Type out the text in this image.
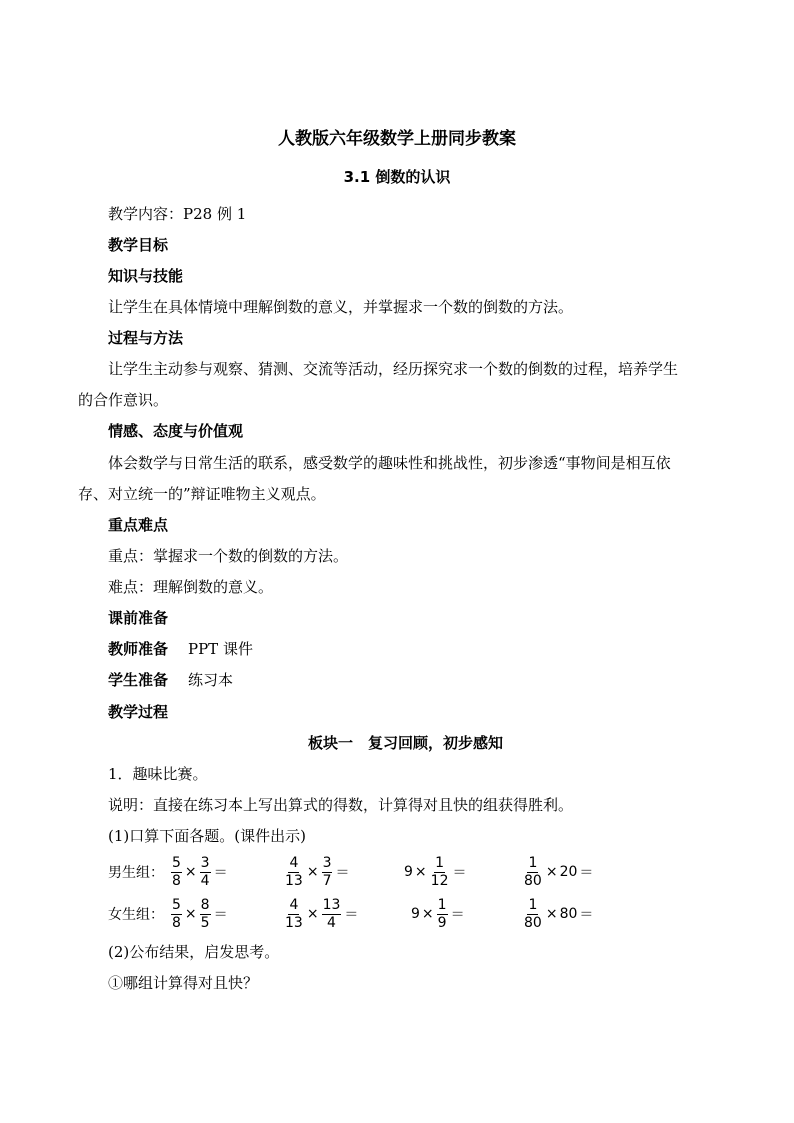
人教版六年级数学上册同步教案
3.1 倒数的认识
教学内容：P28 例 1
教学目标
知识与技能
让学生在具体情境中理解倒数的意义，并掌握求一个数的倒数的方法。
过程与方法
让学生主动参与观察、猜测、交流等活动，经历探究求一个数的倒数的过程，培养学生
的合作意识。
情感、态度与价值观
体会数学与日常生活的联系，感受数学的趣味性和挑战性，初步渗透“事物间是相互依
存、对立统一的”辩证唯物主义观点。
重点难点
重点：掌握求一个数的倒数的方法。
难点：理解倒数的意义。
课前准备
教师准备 PPT 课件
学生准备 练习本
教学过程
板块一　复习回顾，初步感知
1．趣味比赛。
说明：直接在练习本上写出算式的得数，计算得对且快的组获得胜利。
(1)口算下面各题。(课件出示)
男生组： $\frac{5}{8} \times \frac{3}{4}$ ＝	$\frac{4}{13} \times \frac{3}{7}$ ＝	$9 \times \frac{1}{12}$ ＝	$\frac{1}{80} \times 20$ ＝
女生组： $\frac{5}{8} \times \frac{8}{5}$ ＝	$\frac{4}{13} \times \frac{13}{4}$ ＝	$9 \times \frac{1}{9}$ ＝	$\frac{1}{80} \times 80$ ＝
(2)公布结果，启发思考。
①哪组计算得对且快？
